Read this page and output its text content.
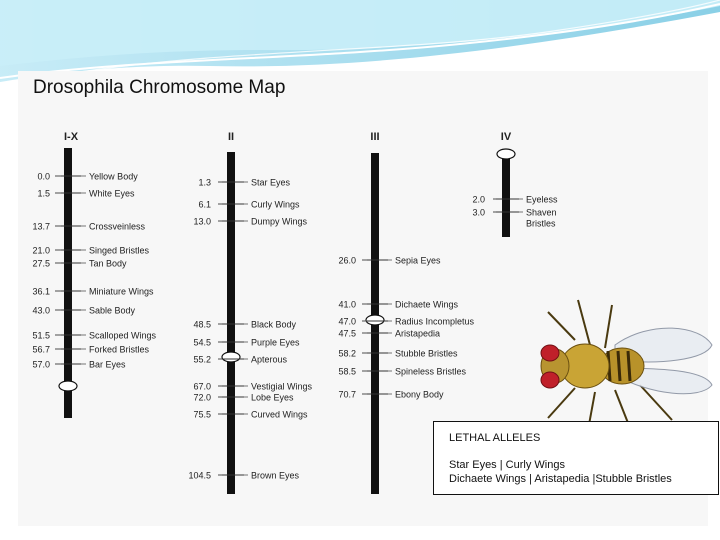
Drosophila Chromosome Map
0.0	Yellow Body
1.5	White Eyes
13.7	Crossveinless
21.0	Singed Bristles
27.5	Tan Body
36.1	Miniature Wings
43.0	Sable Body
51.5	Scalloped Wings
56.7	Forked Bristles
57.0	Bar Eyes
1.3	Star Eyes
6.1	Curly Wings
13.0	Dumpy Wings
48.5	Black Body
54.5	Purple Eyes
55.2	Apterous
67.0	Vestigial Wings
72.0	Lobe Eyes
75.5	Curved Wings
104.5	Brown Eyes
26.0	Sepia Eyes
41.0	Dichaete Wings
47.0	Radius Incompletus
47.5	Aristapedia
58.2	Stubble Bristles
58.5	Spineless Bristles
70.7	Ebony Body
2.0	Eyeless
3.0	Shaven Bristles
LETHAL ALLELES
Star Eyes | Curly Wings
Dichaete Wings | Aristapedia |Stubble Bristles
I-X	II	III	IV
